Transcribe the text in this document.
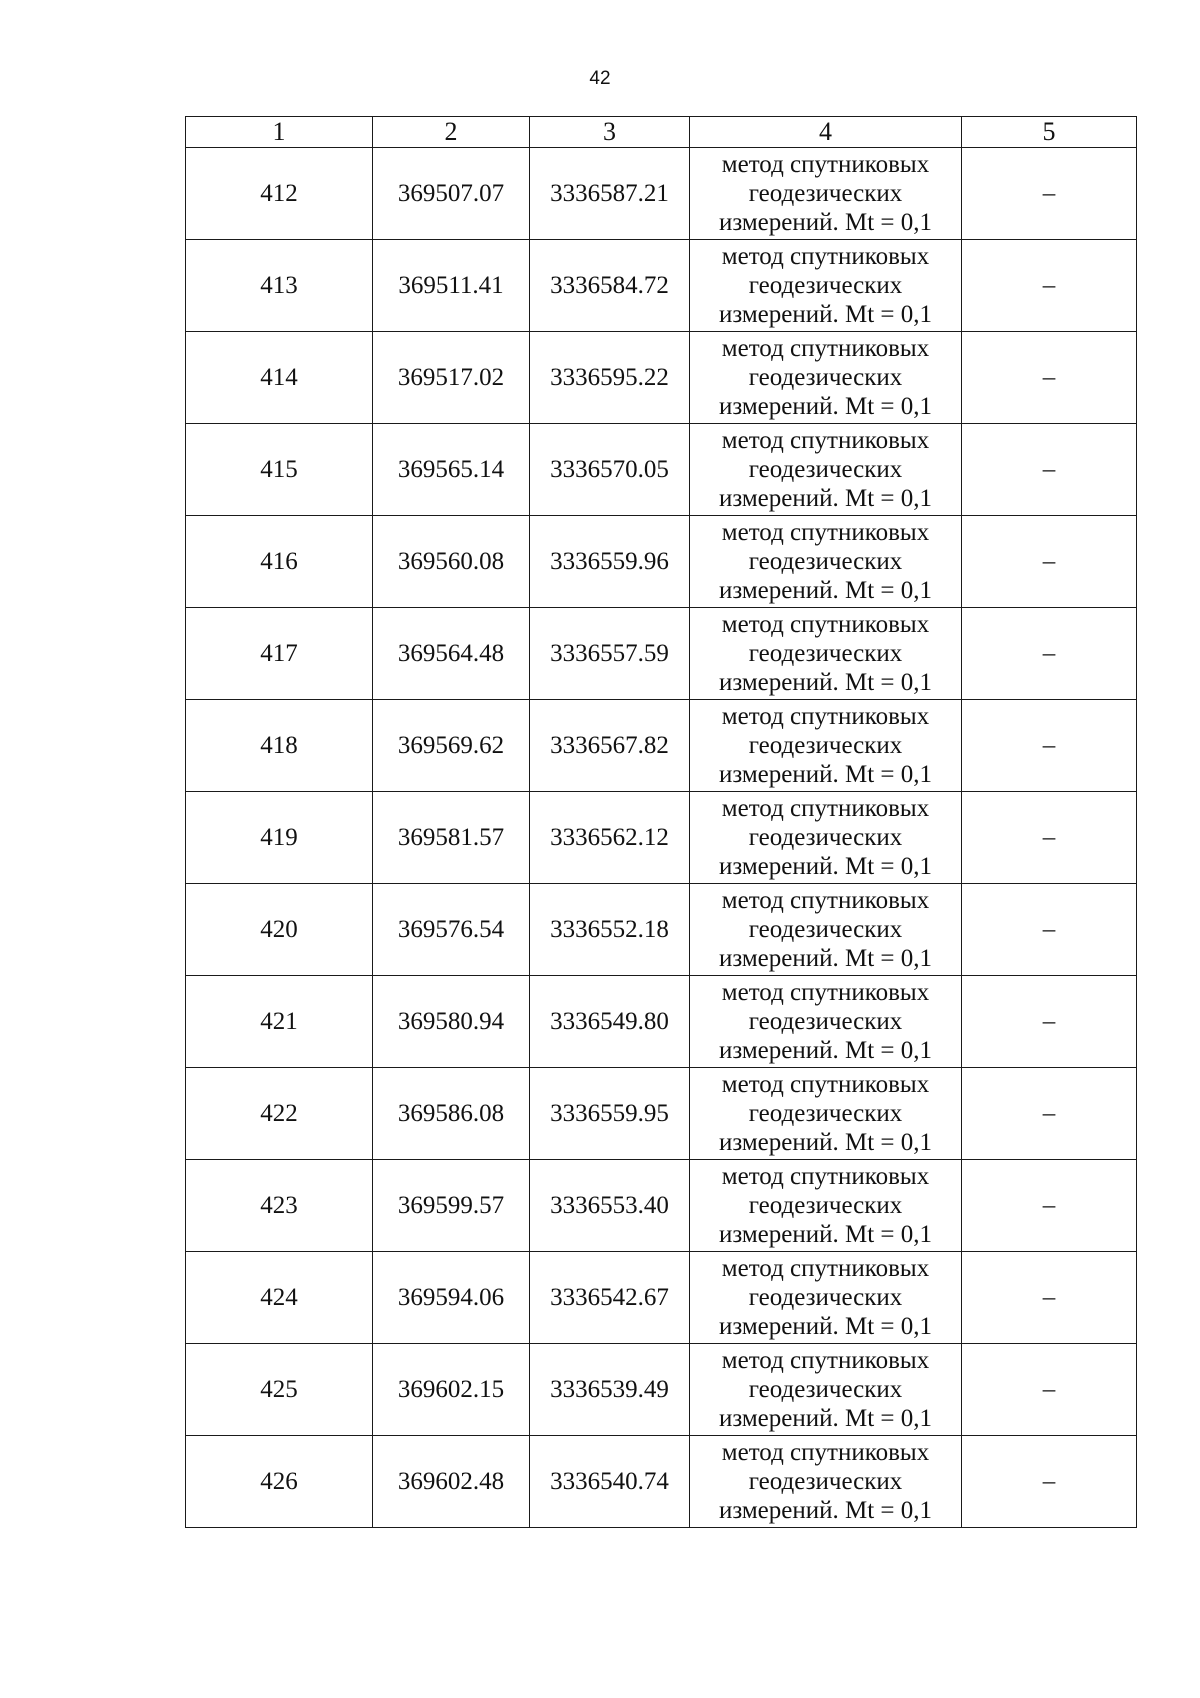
42
1	2	3	4	5
412	369507.07	3336587.21	метод спутниковых
геодезических
измерений. Mt = 0,1	–
413	369511.41	3336584.72	метод спутниковых
геодезических
измерений. Mt = 0,1	–
414	369517.02	3336595.22	метод спутниковых
геодезических
измерений. Mt = 0,1	–
415	369565.14	3336570.05	метод спутниковых
геодезических
измерений. Mt = 0,1	–
416	369560.08	3336559.96	метод спутниковых
геодезических
измерений. Mt = 0,1	–
417	369564.48	3336557.59	метод спутниковых
геодезических
измерений. Mt = 0,1	–
418	369569.62	3336567.82	метод спутниковых
геодезических
измерений. Mt = 0,1	–
419	369581.57	3336562.12	метод спутниковых
геодезических
измерений. Mt = 0,1	–
420	369576.54	3336552.18	метод спутниковых
геодезических
измерений. Mt = 0,1	–
421	369580.94	3336549.80	метод спутниковых
геодезических
измерений. Mt = 0,1	–
422	369586.08	3336559.95	метод спутниковых
геодезических
измерений. Mt = 0,1	–
423	369599.57	3336553.40	метод спутниковых
геодезических
измерений. Mt = 0,1	–
424	369594.06	3336542.67	метод спутниковых
геодезических
измерений. Mt = 0,1	–
425	369602.15	3336539.49	метод спутниковых
геодезических
измерений. Mt = 0,1	–
426	369602.48	3336540.74	метод спутниковых
геодезических
измерений. Mt = 0,1	–
